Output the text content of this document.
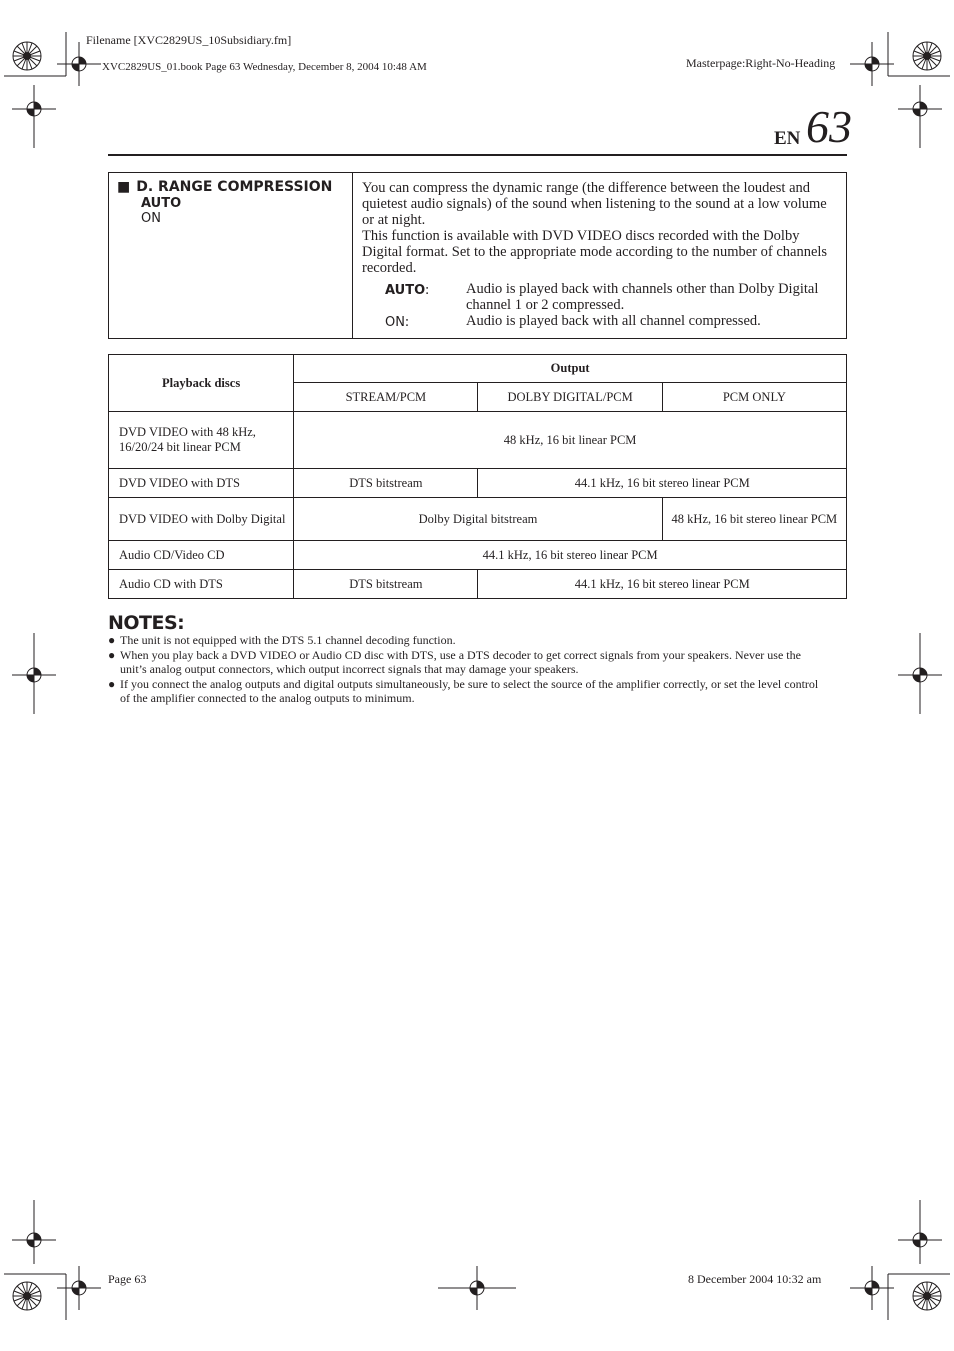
Filename [XVC2829US_10Subsidiary.fm]
XVC2829US_01.book Page 63 Wednesday, December 8, 2004 10:48 AM	Masterpage:Right-No-Heading
EN 63
■ D. RANGE COMPRESSION
AUTO
ON

You can compress the dynamic range (the difference between the loudest and quietest audio signals) of the sound when listening to the sound at a low volume or at night.
This function is available with DVD VIDEO discs recorded with the Dolby Digital format. Set to the appropriate mode according to the number of channels recorded.
AUTO:	Audio is played back with channels other than Dolby Digital channel 1 or 2 compressed.
ON:	Audio is played back with all channel compressed.
Playback discs	Output		
	STREAM/PCM	DOLBY DIGITAL/PCM	PCM ONLY
DVD VIDEO with 48 kHz, 16/20/24 bit linear PCM	48 kHz, 16 bit linear PCM		
DVD VIDEO with DTS	DTS bitstream	44.1 kHz, 16 bit stereo linear PCM	
DVD VIDEO with Dolby Digital	Dolby Digital bitstream		48 kHz, 16 bit stereo linear PCM
Audio CD/Video CD	44.1 kHz, 16 bit stereo linear PCM		
Audio CD with DTS	DTS bitstream	44.1 kHz, 16 bit stereo linear PCM	
NOTES:
● The unit is not equipped with the DTS 5.1 channel decoding function.
● When you play back a DVD VIDEO or Audio CD disc with DTS, use a DTS decoder to get correct signals from your speakers. Never use the unit’s analog output connectors, which output incorrect signals that may damage your speakers.
● If you connect the analog outputs and digital outputs simultaneously, be sure to select the source of the amplifier correctly, or set the level control of the amplifier connected to the analog outputs to minimum.
Page 63	8 December 2004 10:32 am
